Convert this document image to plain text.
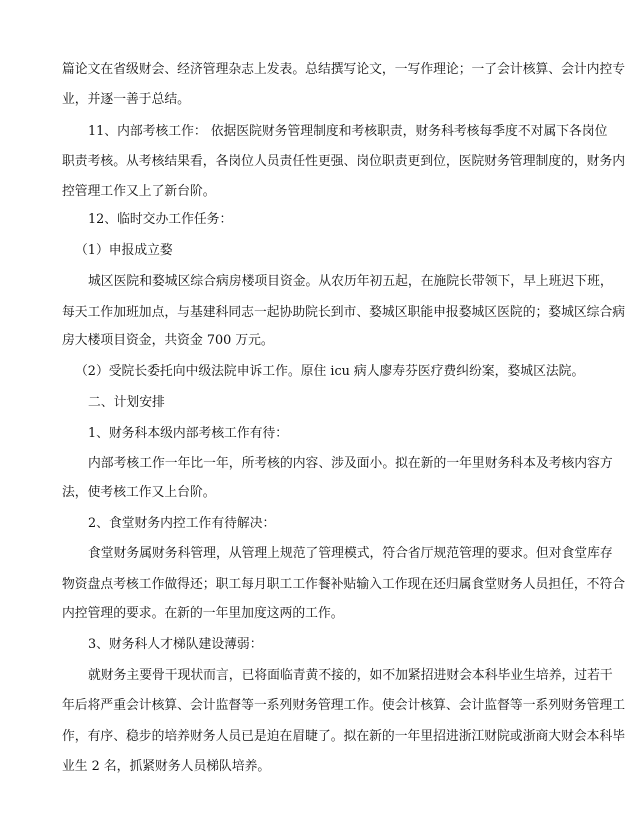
篇论文在省级财会、经济管理杂志上发表。总结撰写论文，一写作理论；一了会计核算、会计内控专
业，并逐一善于总结。
11、内部考核工作： 依据医院财务管理制度和考核职责，财务科考核每季度不对属下各岗位
职责考核。从考核结果看，各岗位人员责任性更强、岗位职责更到位，医院财务管理制度的，财务内
控管理工作又上了新台阶。
12、临时交办工作任务：
（1）申报成立婺
城区医院和婺城区综合病房楼项目资金。从农历年初五起，在施院长带领下，早上班迟下班，
每天工作加班加点，与基建科同志一起协助院长到市、婺城区职能申报婺城区医院的；婺城区综合病
房大楼项目资金，共资金 700 万元。
（2）受院长委托向中级法院申诉工作。原住 icu 病人廖寿芬医疗费纠纷案，婺城区法院。
二、计划安排
1、财务科本级内部考核工作有待：
内部考核工作一年比一年，所考核的内容、涉及面小。拟在新的一年里财务科本及考核内容方
法，使考核工作又上台阶。
2、食堂财务内控工作有待解决：
食堂财务属财务科管理，从管理上规范了管理模式，符合省厅规范管理的要求。但对食堂库存
物资盘点考核工作做得还；职工每月职工工作餐补贴输入工作现在还归属食堂财务人员担任，不符合
内控管理的要求。在新的一年里加度这两的工作。
3、财务科人才梯队建设薄弱：
就财务主要骨干现状而言，已将面临青黄不接的，如不加紧招进财会本科毕业生培养，过若干
年后将严重会计核算、会计监督等一系列财务管理工作。使会计核算、会计监督等一系列财务管理工
作，有序、稳步的培养财务人员已是迫在眉睫了。拟在新的一年里招进浙江财院或浙商大财会本科毕
业生 2 名，抓紧财务人员梯队培养。
